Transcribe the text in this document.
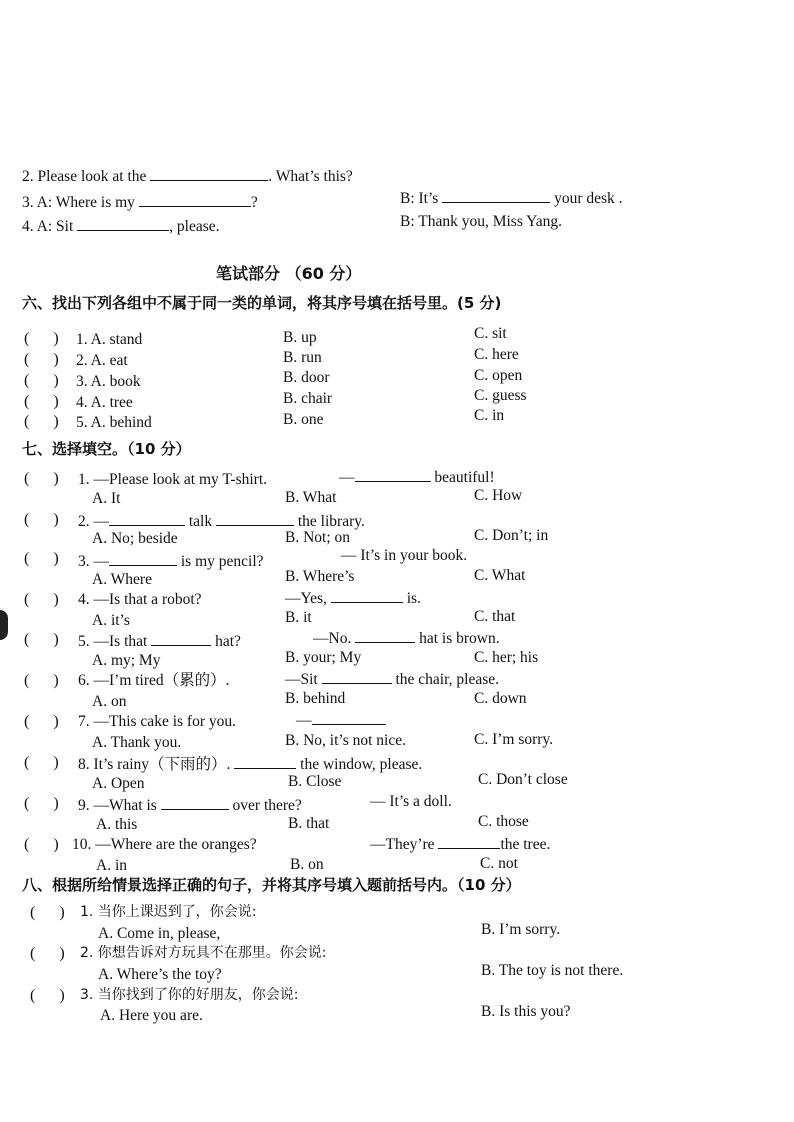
2. Please look at the	. What’s this?
3. A: Where is my	?	B: It’s	your desk .
4. A: Sit	, please.	B: Thank you, Miss Yang.
笔试部分 （60 分）
六、找出下列各组中不属于同一类的单词，将其序号填在括号里。(5 分)
( ) 1. A. stand	B. up	C. sit
( ) 2. A. eat	B. run	C. here
( ) 3. A. book	B. door	C. open
( ) 4. A. tree	B. chair	C. guess
( ) 5. A. behind	B. one	C. in
七、选择填空。（10 分）
( ) 1. —Please look at my T-shirt.	—	beautiful!
A. It	B. What	C. How
( ) 2. —	talk	the library.
A. No; beside	B. Not; on	C. Don’t; in
( ) 3. —	is my pencil?	— It’s in your book.
A. Where	B. Where’s	C. What
( ) 4. —Is that a robot?	—Yes,	is.
A. it’s	B. it	C. that
( ) 5. —Is that	hat?	—No.	hat is brown.
A. my; My	B. your; My	C. her; his
( ) 6. —I’m tired（累的）.	—Sit	the chair, please.
A. on	B. behind	C. down
( ) 7. —This cake is for you.	—
A. Thank you.	B. No, it’s not nice.	C. I’m sorry.
( ) 8. It’s rainy（下雨的）.	the window, please.
A. Open	B. Close	C. Don’t close
( ) 9. —What is	over there?	— It’s a doll.
A. this	B. that	C. those
( ) 10. —Where are the oranges?	—They’re	the tree.
A. in	B. on	C. not
八、根据所给情景选择正确的句子，并将其序号填入题前括号内。（10 分）
( ) 1. 当你上课迟到了，你会说:
A. Come in, please,	B. I’m sorry.
( ) 2. 你想告诉对方玩具不在那里。你会说:
A. Where’s the toy?	B. The toy is not there.
( ) 3. 当你找到了你的好朋友，你会说:
A. Here you are.	B. Is this you?
